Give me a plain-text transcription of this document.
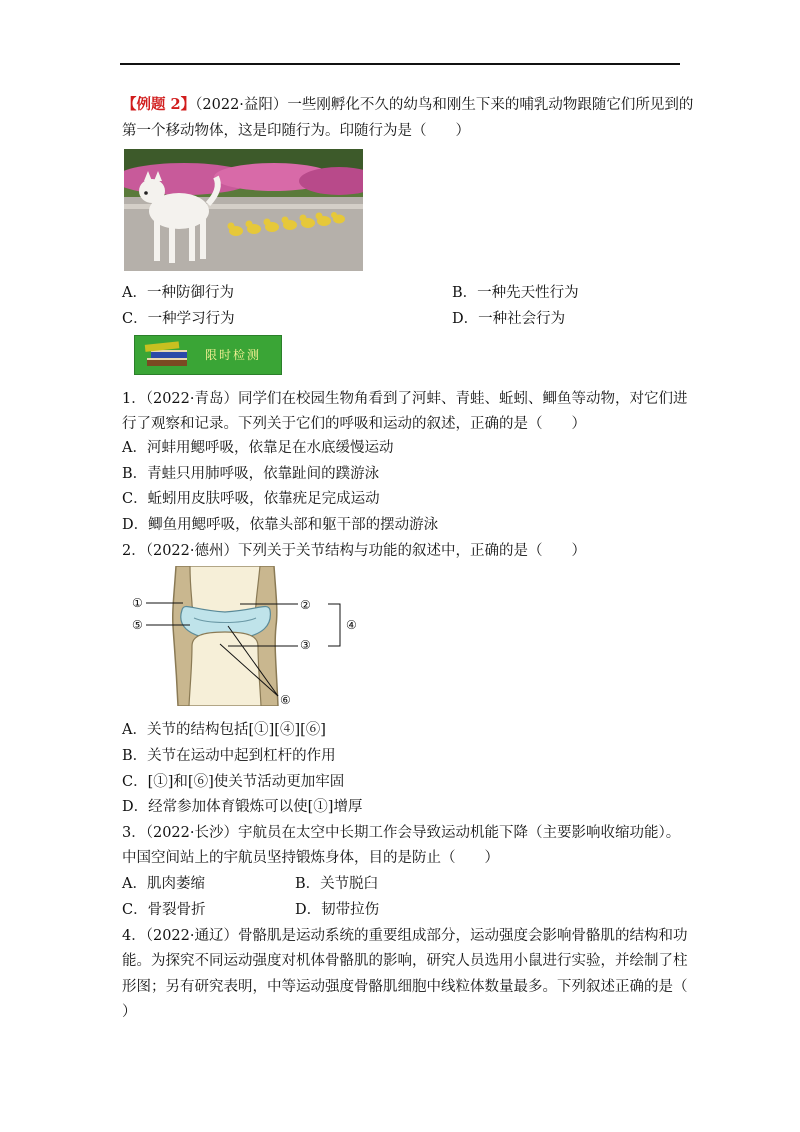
【例题 2】（2022·益阳）一些刚孵化不久的幼鸟和刚生下来的哺乳动物跟随它们所见到的
第一个移动物体，这是印随行为。印随行为是（　　）
A．一种防御行为	B．一种先天性行为
C．一种学习行为	D．一种社会行为
限时检测
1．（2022·青岛）同学们在校园生物角看到了河蚌、青蛙、蚯蚓、鲫鱼等动物，对它们进
行了观察和记录。下列关于它们的呼吸和运动的叙述，正确的是（　　）
A．河蚌用鳃呼吸，依靠足在水底缓慢运动
B．青蛙只用肺呼吸，依靠趾间的蹼游泳
C．蚯蚓用皮肤呼吸，依靠疣足完成运动
D．鲫鱼用鳃呼吸，依靠头部和躯干部的摆动游泳
2．（2022·德州）下列关于关节结构与功能的叙述中，正确的是（　　）
①	②
③
④
⑤
⑥
A．关节的结构包括[①][④][⑥]
B．关节在运动中起到杠杆的作用
C．[①]和[⑥]使关节活动更加牢固
D．经常参加体育锻炼可以使[①]增厚
3．（2022·长沙）宇航员在太空中长期工作会导致运动机能下降（主要影响收缩功能）。
中国空间站上的宇航员坚持锻炼身体，目的是防止（　　）
A．肌肉萎缩	B．关节脱臼
C．骨裂骨折	D．韧带拉伤
4．（2022·通辽）骨骼肌是运动系统的重要组成部分，运动强度会影响骨骼肌的结构和功
能。为探究不同运动强度对机体骨骼肌的影响，研究人员选用小鼠进行实验，并绘制了柱
形图；另有研究表明，中等运动强度骨骼肌细胞中线粒体数量最多。下列叙述正确的是（
）
